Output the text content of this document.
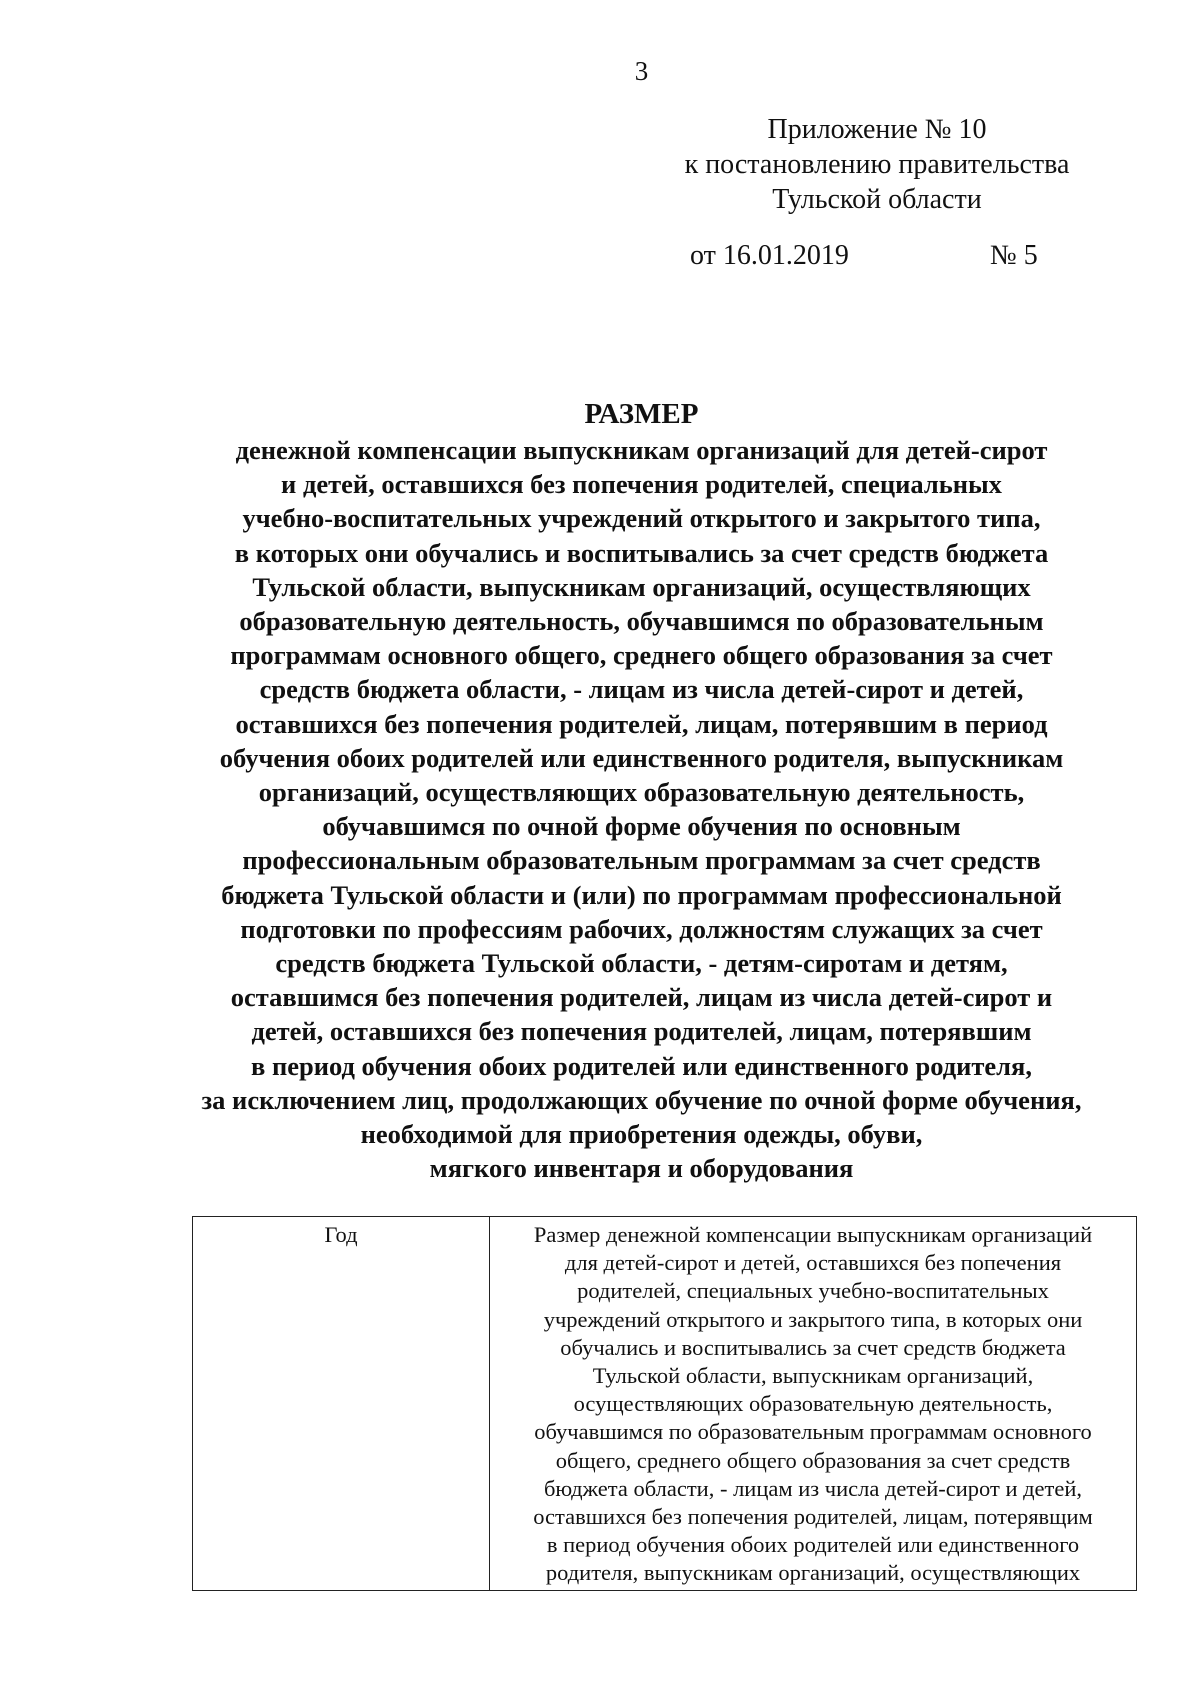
3
Приложение № 10
к постановлению правительства
Тульской области
от 16.01.2019	№ 5
РАЗМЕР
денежной компенсации выпускникам организаций для детей-сирот
и детей, оставшихся без попечения родителей, специальных
учебно-воспитательных учреждений открытого и закрытого типа,
в которых они обучались и воспитывались за счет средств бюджета
Тульской области, выпускникам организаций, осуществляющих
образовательную деятельность, обучавшимся по образовательным
программам основного общего, среднего общего образования за счет
средств бюджета области, - лицам из числа детей-сирот и детей,
оставшихся без попечения родителей, лицам, потерявшим в период
обучения обоих родителей или единственного родителя, выпускникам
организаций, осуществляющих образовательную деятельность,
обучавшимся по очной форме обучения по основным
профессиональным образовательным программам за счет средств
бюджета Тульской области и (или) по программам профессиональной
подготовки по профессиям рабочих, должностям служащих за счет
средств бюджета Тульской области, - детям-сиротам и детям,
оставшимся без попечения родителей, лицам из числа детей-сирот и
детей, оставшихся без попечения родителей, лицам, потерявшим
в период обучения обоих родителей или единственного родителя,
за исключением лиц, продолжающих обучение по очной форме обучения,
необходимой для приобретения одежды, обуви,
мягкого инвентаря и оборудования
Год	Размер денежной компенсации выпускникам организаций
для детей-сирот и детей, оставшихся без попечения
родителей, специальных учебно-воспитательных
учреждений открытого и закрытого типа, в которых они
обучались и воспитывались за счет средств бюджета
Тульской области, выпускникам организаций,
осуществляющих образовательную деятельность,
обучавшимся по образовательным программам основного
общего, среднего общего образования за счет средств
бюджета области, - лицам из числа детей-сирот и детей,
оставшихся без попечения родителей, лицам, потерявщим
в период обучения обоих родителей или единственного
родителя, выпускникам организаций, осуществляющих
